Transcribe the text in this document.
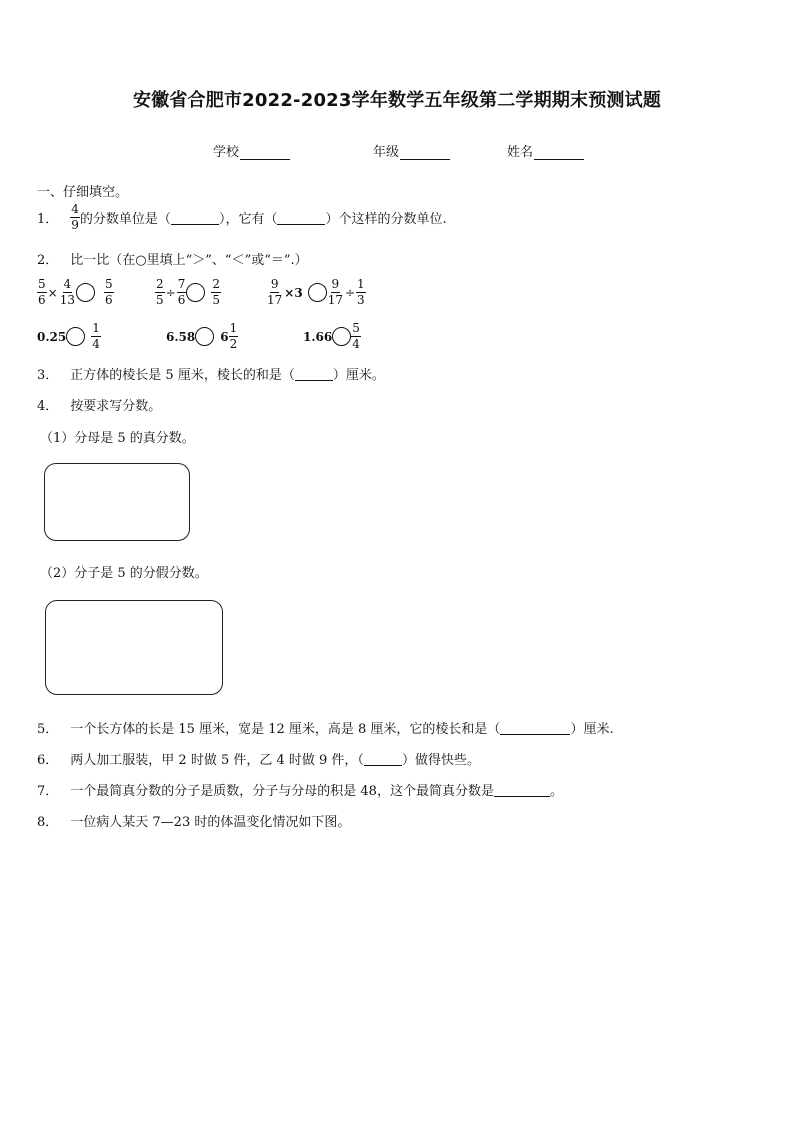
安徽省合肥市2022-2023学年数学五年级第二学期期末预测试题
学校	年级	姓名
一、仔细填空。
1． $\frac{4}{9}$ 的分数单位是（	），它有（	）个这样的分数单位.
2． 比一比（在○里填上“＞”、“＜”或“＝”.）
$\frac{5}{6} \times \frac{4}{13} \frac{5}{6}$	$\frac{2}{5} \div \frac{7}{6} \frac{2}{5}$	$\frac{9}{17} \times 3 \frac{9}{17} \div \frac{1}{3}$
$0.25 \frac{1}{4}$	6.58 $6 \frac{1}{2}$	$1.66 \frac{5}{4}$
3． 正方体的棱长是 5 厘米，棱长的和是（	）厘米。
4． 按要求写分数。
（1）分母是 5 的真分数。
（2）分子是 5 的分假分数。
5． 一个长方体的长是 15 厘米，宽是 12 厘米，高是 8 厘米，它的棱长和是（	）厘米.
6． 两人加工服装，甲 2 时做 5 件，乙 4 时做 9 件，（	）做得快些。
7． 一个最简真分数的分子是质数，分子与分母的积是 48，这个最简真分数是	。
8． 一位病人某天 7—23 时的体温变化情况如下图。
